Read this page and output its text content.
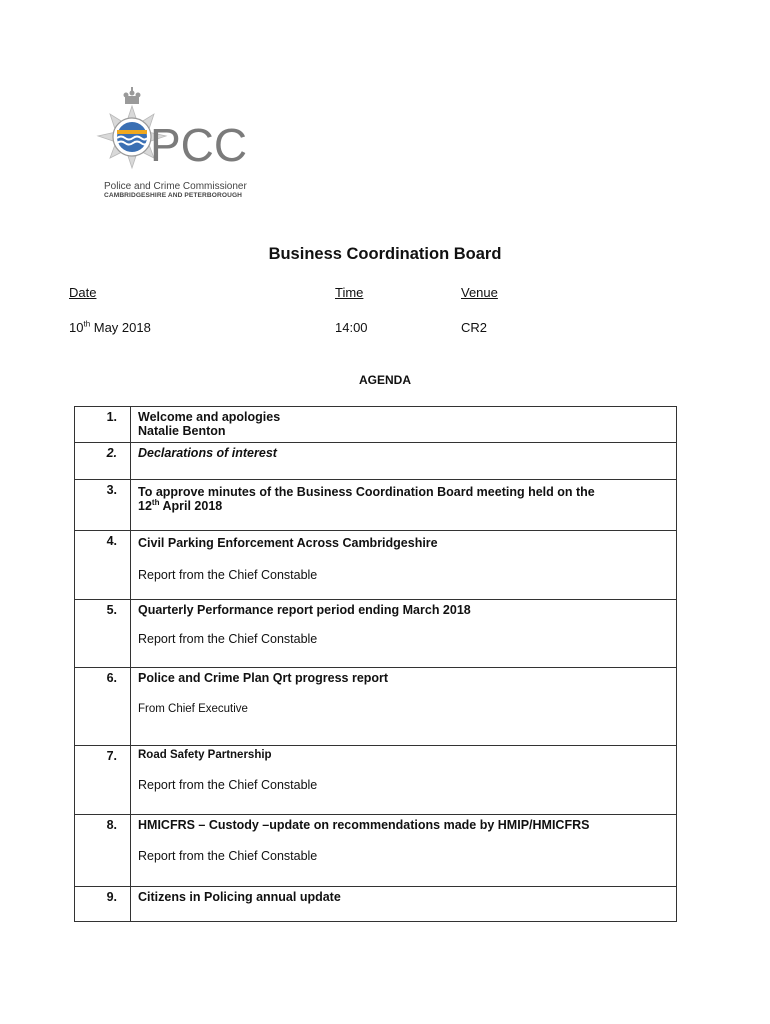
PCC
Police and Crime Commissioner
CAMBRIDGESHIRE AND PETERBOROUGH
Business Coordination Board
Date	Time	Venue
10th May 2018	14:00	CR2
AGENDA
1.	Welcome and apologies
Natalie Benton

2.	Declarations of interest

3.	To approve minutes of the Business Coordination Board meeting held on the
12th April 2018

4.	Civil Parking Enforcement Across Cambridgeshire
Report from the Chief Constable

5.	Quarterly Performance report period ending March 2018
Report from the Chief Constable

6.	Police and Crime Plan Qrt progress report
From Chief Executive

7.	Road Safety Partnership
Report from the Chief Constable

8.	HMICFRS – Custody –update on recommendations made by HMIP/HMICFRS
Report from the Chief Constable

9.	Citizens in Policing annual update
